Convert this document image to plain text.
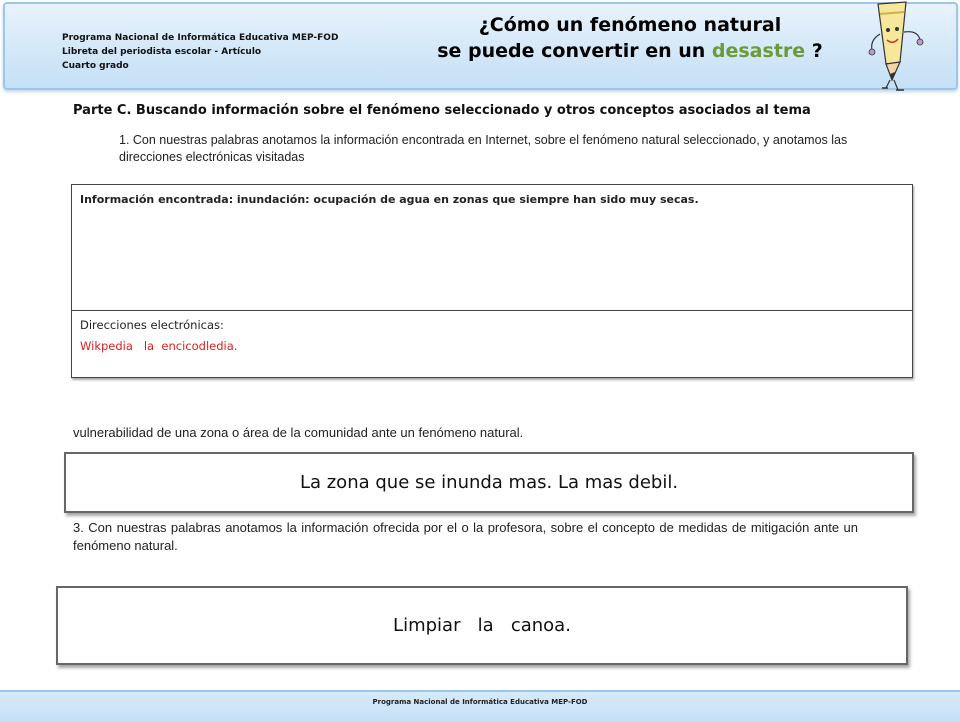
Programa Nacional de Informática Educativa MEP-FOD
Libreta del periodista escolar - Artículo
Cuarto grado
¿Cómo un fenómeno natural
se puede convertir en un desastre ?
Parte C. Buscando información sobre el fenómeno seleccionado y otros conceptos asociados al tema
1. Con nuestras palabras anotamos la información encontrada en Internet, sobre el fenómeno natural seleccionado, y anotamos las direcciones electrónicas visitadas
Información encontrada: inundación: ocupación de agua en zonas que siempre han sido muy secas.
Direcciones electrónicas:
Wikpedia   la  encicodledia.
vulnerabilidad de una zona o área de la comunidad ante un fenómeno natural.
La zona que se inunda mas. La mas debil.
3. Con nuestras palabras anotamos la información ofrecida por el o la profesora, sobre el concepto de medidas de mitigación ante un fenómeno natural.
Limpiar   la   canoa.
Programa Nacional de Informática Educativa MEP-FOD
